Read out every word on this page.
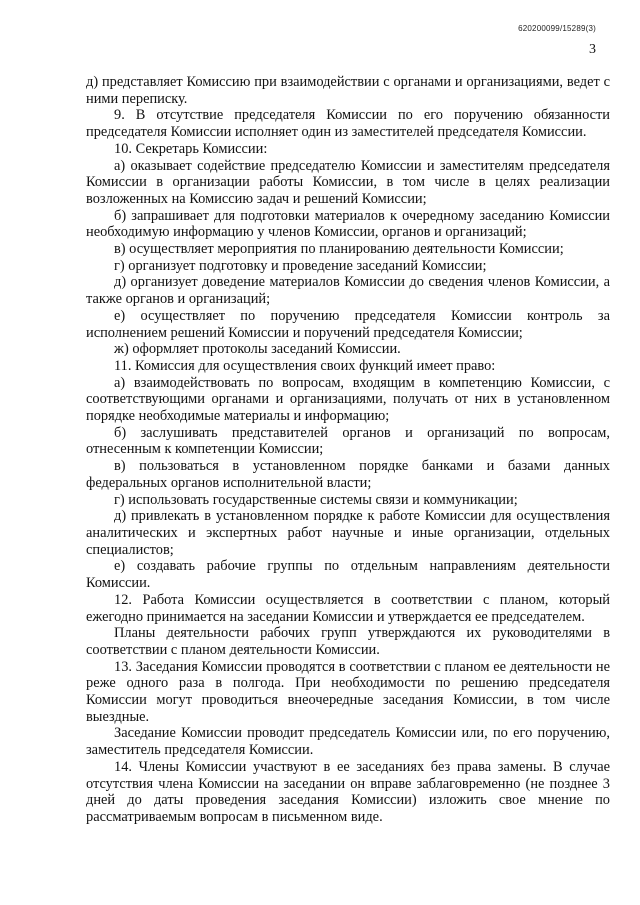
620200099/15289(3)
3

д) представляет Комиссию при взаимодействии с органами и организациями, ведет с ними переписку.

9. В отсутствие председателя Комиссии по его поручению обязанности председателя Комиссии исполняет один из заместителей председателя Комиссии.

10. Секретарь Комиссии:

а) оказывает содействие председателю Комиссии и заместителям председателя Комиссии в организации работы Комиссии, в том числе в целях реализации возложенных на Комиссию задач и решений Комиссии;

б) запрашивает для подготовки материалов к очередному заседанию Комиссии необходимую информацию у членов Комиссии, органов и организаций;

в) осуществляет мероприятия по планированию деятельности Комиссии;

г) организует подготовку и проведение заседаний Комиссии;

д) организует доведение материалов Комиссии до сведения членов Комиссии, а также органов и организаций;

е) осуществляет по поручению председателя Комиссии контроль за исполнением решений Комиссии и поручений председателя Комиссии;

ж) оформляет протоколы заседаний Комиссии.

11. Комиссия для осуществления своих функций имеет право:

а) взаимодействовать по вопросам, входящим в компетенцию Комиссии, с соответствующими органами и организациями, получать от них в установленном порядке необходимые материалы и информацию;

б) заслушивать представителей органов и организаций по вопросам, отнесенным к компетенции Комиссии;

в) пользоваться в установленном порядке банками и базами данных федеральных органов исполнительной власти;

г) использовать государственные системы связи и коммуникации;

д) привлекать в установленном порядке к работе Комиссии для осуществления аналитических и экспертных работ научные и иные организации, отдельных специалистов;

е) создавать рабочие группы по отдельным направлениям деятельности Комиссии.

12. Работа Комиссии осуществляется в соответствии с планом, который ежегодно принимается на заседании Комиссии и утверждается ее председателем.

Планы деятельности рабочих групп утверждаются их руководителями в соответствии с планом деятельности Комиссии.

13. Заседания Комиссии проводятся в соответствии с планом ее деятельности не реже одного раза в полгода. При необходимости по решению председателя Комиссии могут проводиться внеочередные заседания Комиссии, в том числе выездные.

Заседание Комиссии проводит председатель Комиссии или, по его поручению, заместитель председателя Комиссии.

14. Члены Комиссии участвуют в ее заседаниях без права замены. В случае отсутствия члена Комиссии на заседании он вправе заблаговременно (не позднее 3 дней до даты проведения заседания Комиссии) изложить свое мнение по рассматриваемым вопросам в письменном виде.
